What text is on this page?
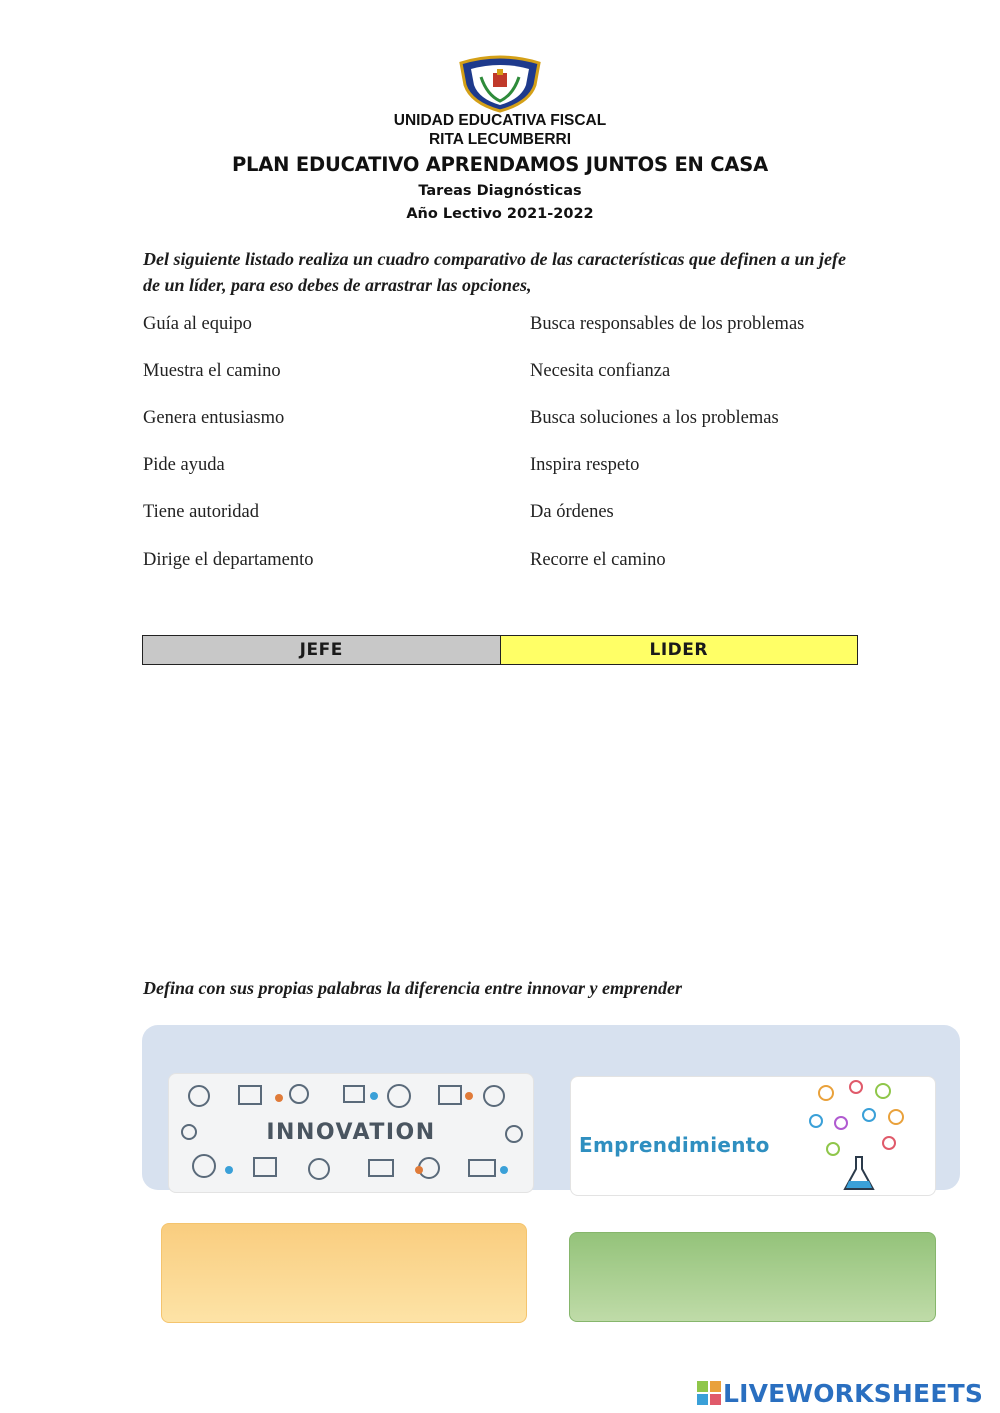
UNIDAD EDUCATIVA FISCAL
RITA LECUMBERRI
PLAN EDUCATIVO APRENDAMOS JUNTOS EN CASA
Tareas Diagnósticas
Año Lectivo 2021-2022
Del siguiente listado realiza un cuadro comparativo de las características que definen a un jefe de un líder, para eso debes de arrastrar las opciones,
Guía al equipo
Muestra el camino
Genera entusiasmo
Pide ayuda
Tiene autoridad
Dirige el departamento
Busca responsables de los problemas
Necesita confianza
Busca soluciones a los problemas
Inspira respeto
Da órdenes
Recorre el camino
JEFE	LIDER
Defina con sus propias palabras la diferencia entre innovar y emprender
INNOVATION	Emprendimiento
LIVEWORKSHEETS
